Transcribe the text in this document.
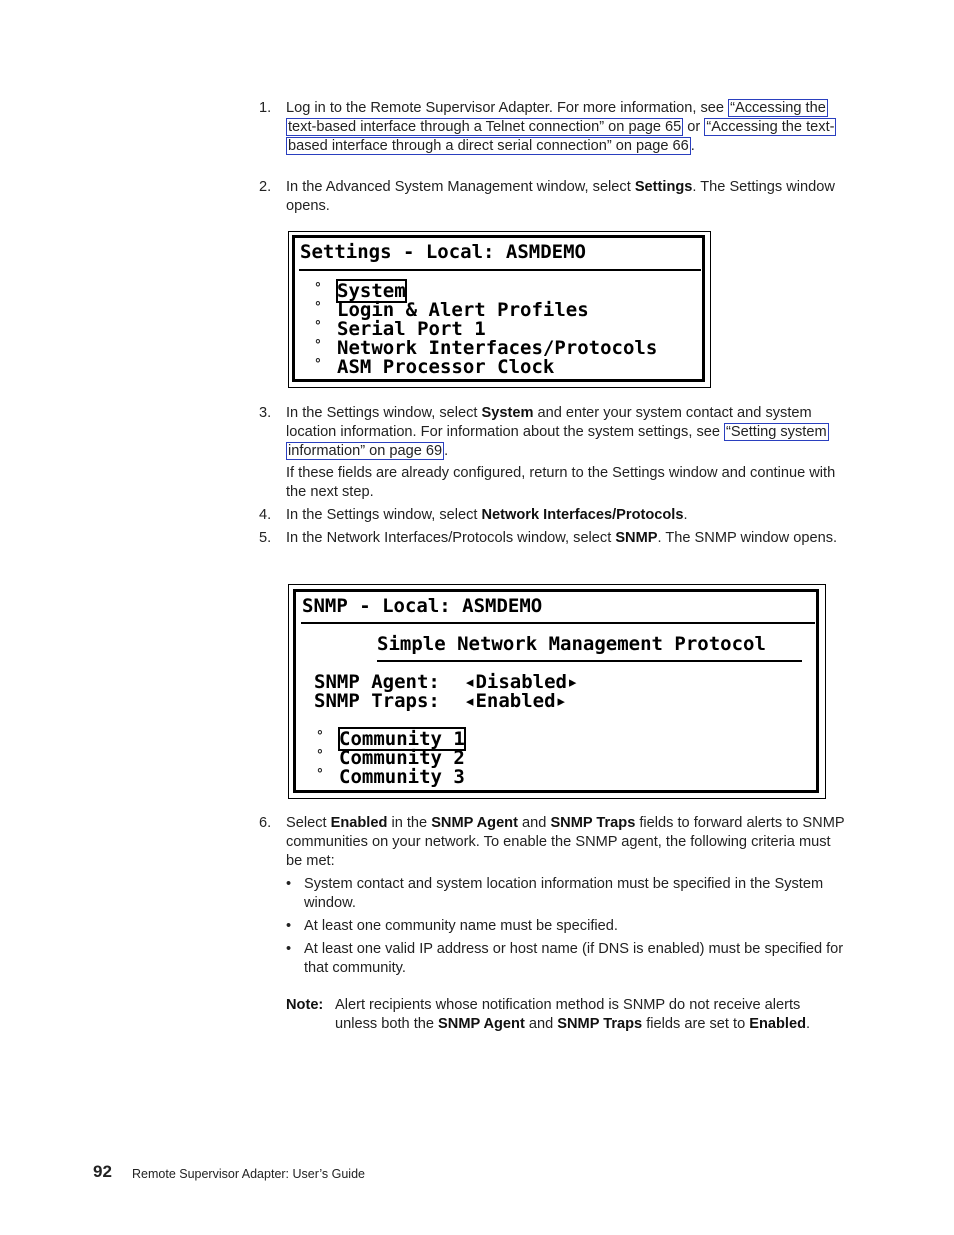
1. Log in to the Remote Supervisor Adapter. For more information, see “Accessing the text-based interface through a Telnet connection” on page 65 or “Accessing the text-based interface through a direct serial connection” on page 66 .
2. In the Advanced System Management window, select Settings. The Settings window opens.
Settings - Local: ASMDEMO
° System
° Login & Alert Profiles
° Serial Port 1
° Network Interfaces/Protocols
° ASM Processor Clock
3. In the Settings window, select System and enter your system contact and system location information. For information about the system settings, see “Setting system information” on page 69 .
If these fields are already configured, return to the Settings window and continue with the next step.
4. In the Settings window, select Network Interfaces/Protocols.
5. In the Network Interfaces/Protocols window, select SNMP. The SNMP window opens.
SNMP - Local: ASMDEMO
Simple Network Management Protocol
SNMP Agent: ◂Disabled▸
SNMP Traps: ◂Enabled▸
° Community 1
° Community 2
° Community 3
6. Select Enabled in the SNMP Agent and SNMP Traps fields to forward alerts to SNMP communities on your network. To enable the SNMP agent, the following criteria must be met:
• System contact and system location information must be specified in the System window.
• At least one community name must be specified.
• At least one valid IP address or host name (if DNS is enabled) must be specified for that community.
Note: Alert recipients whose notification method is SNMP do not receive alerts unless both the SNMP Agent and SNMP Traps fields are set to Enabled.
92 Remote Supervisor Adapter: User’s Guide
